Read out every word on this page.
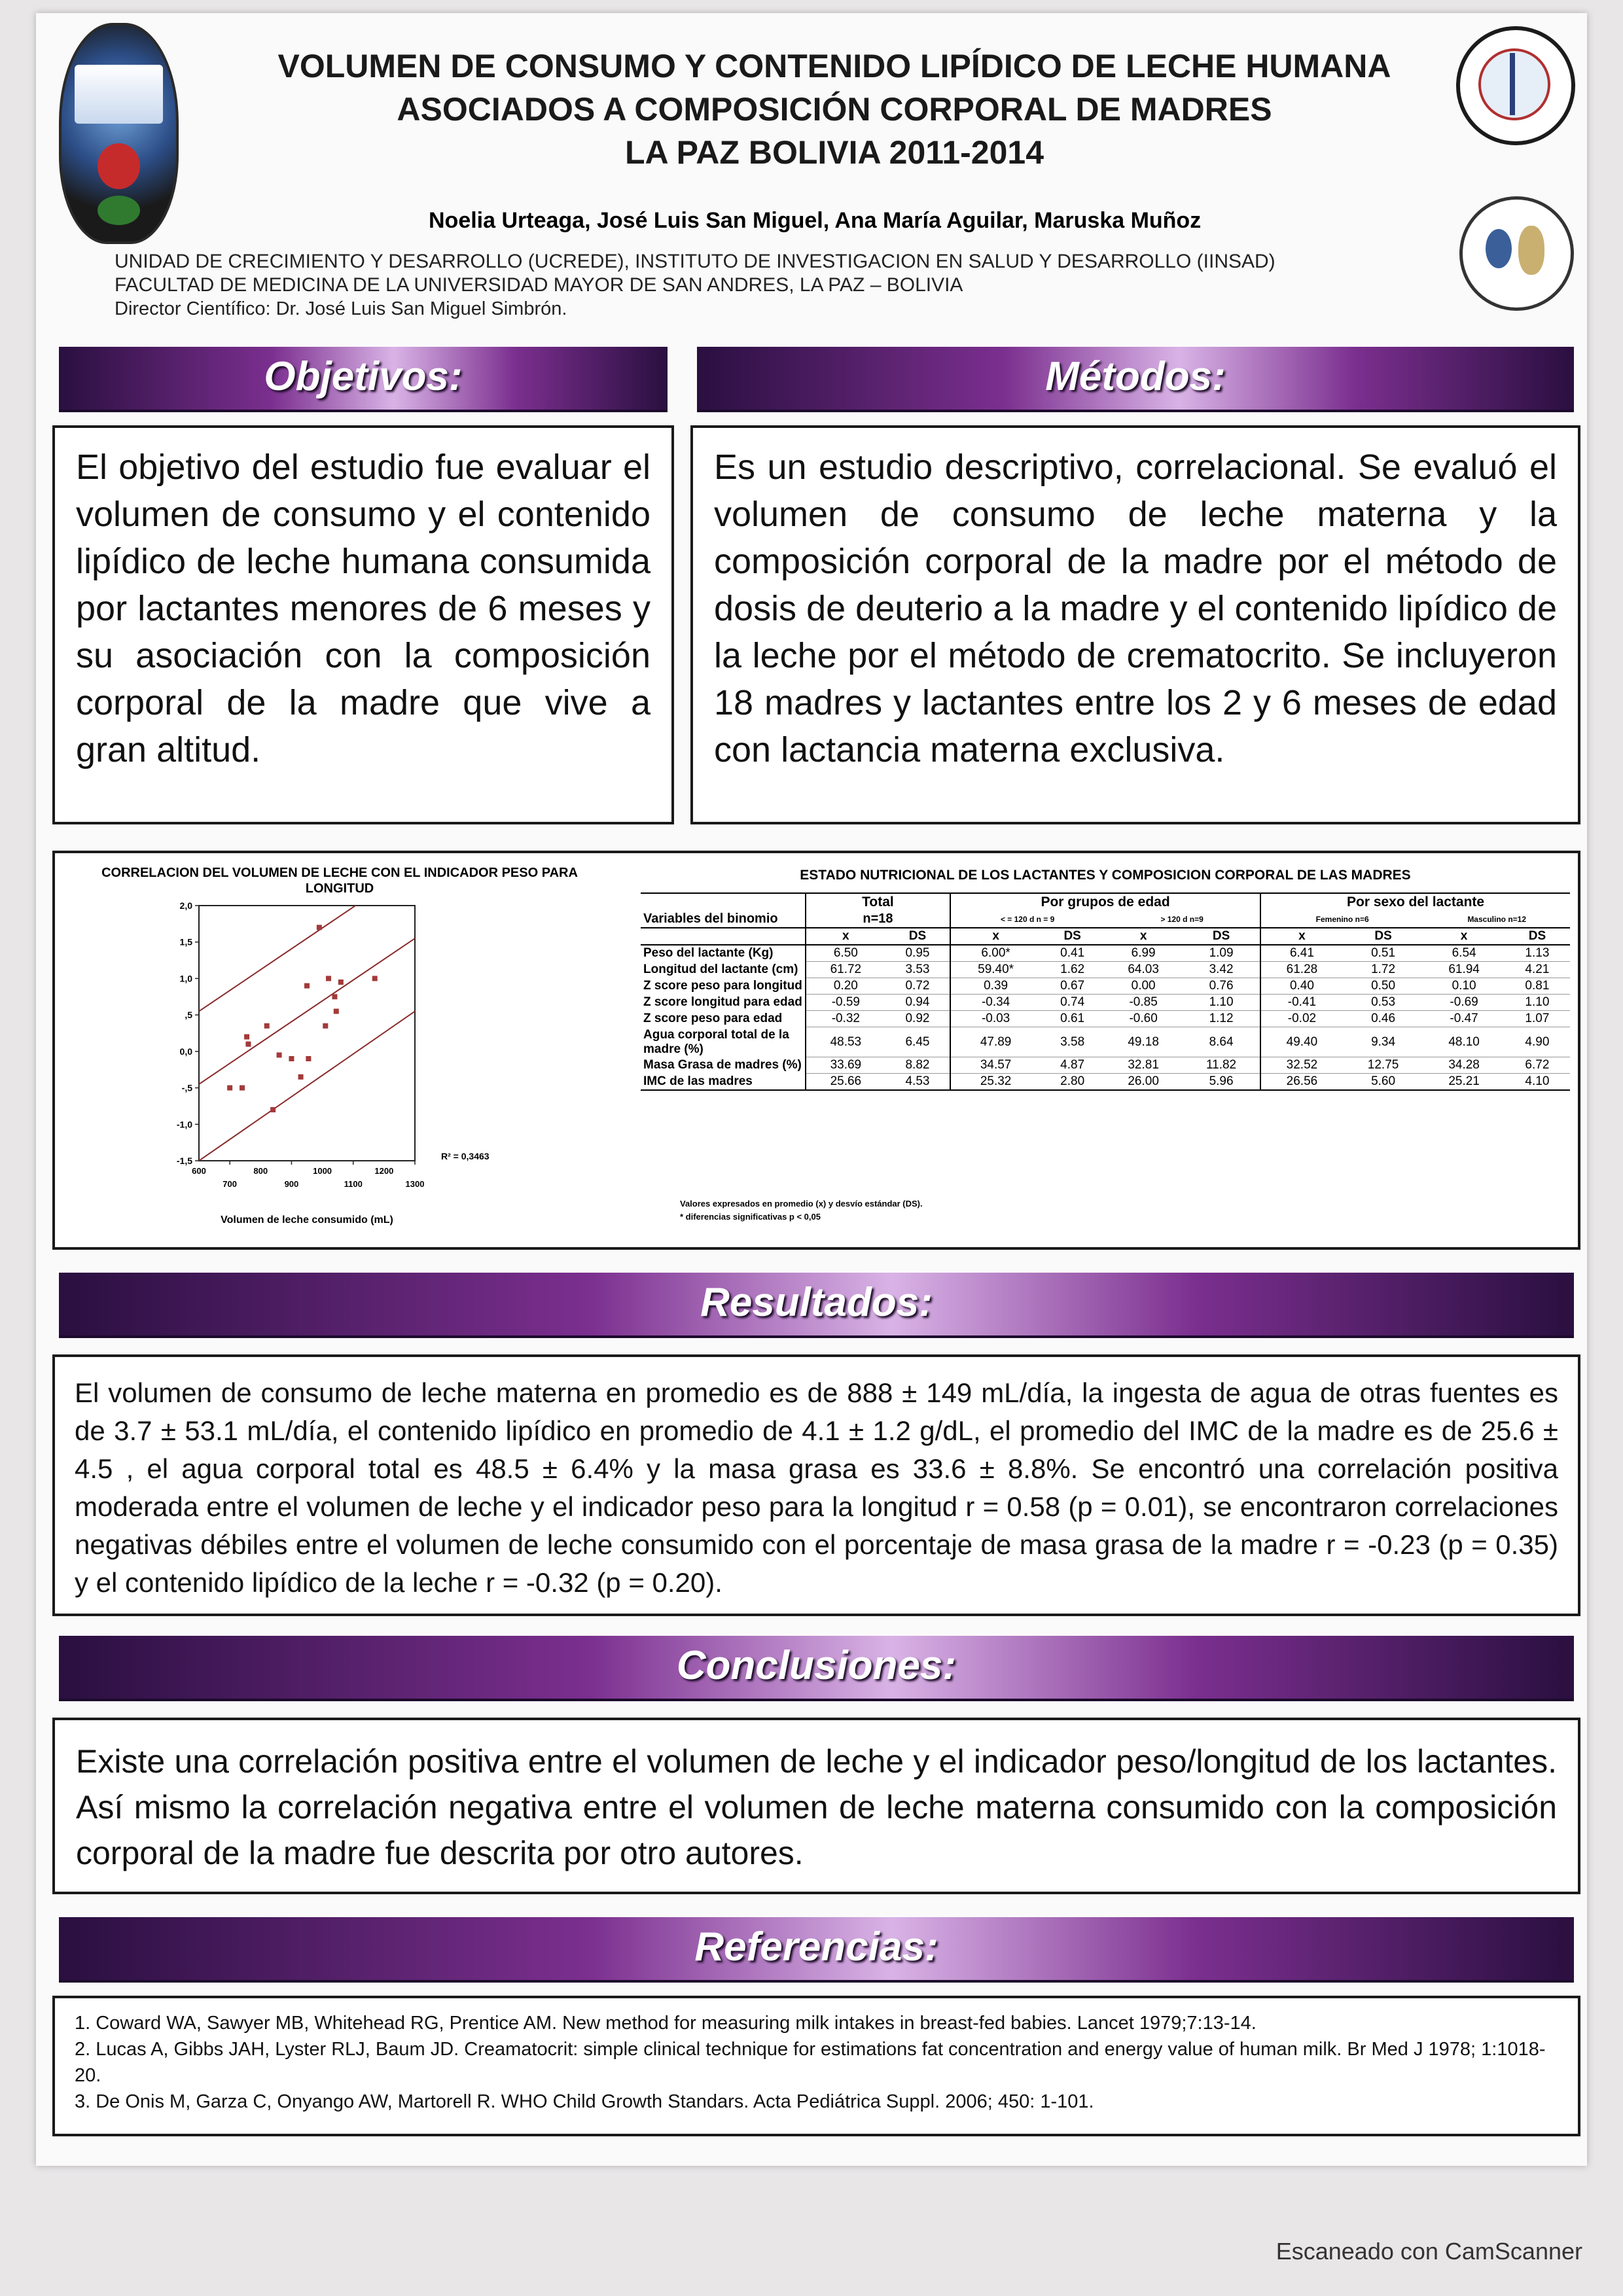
VOLUMEN DE CONSUMO Y CONTENIDO LIPÍDICO DE LECHE HUMANA
ASOCIADOS A COMPOSICIÓN CORPORAL DE MADRES
LA PAZ BOLIVIA 2011-2014
Noelia Urteaga, José Luis San Miguel, Ana María Aguilar, Maruska Muñoz
UNIDAD DE CRECIMIENTO Y DESARROLLO (UCREDE), INSTITUTO DE INVESTIGACION EN SALUD Y DESARROLLO (IINSAD)
FACULTAD DE MEDICINA DE LA UNIVERSIDAD MAYOR DE SAN ANDRES, LA PAZ – BOLIVIA
Director Científico: Dr. José Luis San Miguel Simbrón.
Objetivos:
El objetivo del estudio fue evaluar el volumen de consumo y el contenido lipídico de leche humana consumida por lactantes menores de 6 meses y su asociación con la composición corporal de la madre que vive a gran altitud.
Métodos:
Es un estudio descriptivo, correlacional. Se evaluó el volumen de consumo de leche materna y la composición corporal de la madre por el método de dosis de deuterio a la madre y el contenido lipídico de la leche por el método de crematocrito. Se incluyeron 18 madres y lactantes entre los 2 y 6 meses de edad con lactancia materna exclusiva.
CORRELACION DEL VOLUMEN DE LECHE CON EL INDICADOR PESO PARA LONGITUD
2,0
1,5
1,0
,5
0,0
-,5
-1,0
-1,5
600	800	1000	1200
700	900	1100	1300
R² = 0,3463
Volumen de leche consumido (mL)
ESTADO NUTRICIONAL DE LOS LACTANTES Y COMPOSICION CORPORAL DE LAS MADRES
Variables del binomio	Total		Por grupos de edad				Por sexo del lactante			
	n=18		< = 120 d n = 9		> 120 d n=9		Femenino n=6		Masculino n=12	
	x	DS	x	DS	x	DS	x	DS	x	DS
Peso del lactante (Kg)	6.50	0.95	6.00*	0.41	6.99	1.09	6.41	0.51	6.54	1.13
Longitud del lactante (cm)	61.72	3.53	59.40*	1.62	64.03	3.42	61.28	1.72	61.94	4.21
Z score peso para longitud	0.20	0.72	0.39	0.67	0.00	0.76	0.40	0.50	0.10	0.81
Z score longitud para edad	-0.59	0.94	-0.34	0.74	-0.85	1.10	-0.41	0.53	-0.69	1.10
Z score peso para edad	-0.32	0.92	-0.03	0.61	-0.60	1.12	-0.02	0.46	-0.47	1.07
Agua corporal total de la madre (%)	48.53	6.45	47.89	3.58	49.18	8.64	49.40	9.34	48.10	4.90
Masa Grasa de madres (%)	33.69	8.82	34.57	4.87	32.81	11.82	32.52	12.75	34.28	6.72
IMC de las madres	25.66	4.53	25.32	2.80	26.00	5.96	26.56	5.60	25.21	4.10
Valores expresados en promedio (x) y desvío estándar (DS).
* diferencias significativas p < 0,05
Resultados:
El volumen de consumo de leche materna en promedio es de 888 ± 149 mL/día, la ingesta de agua de otras fuentes es de 3.7 ± 53.1 mL/día, el contenido lipídico en promedio de 4.1 ± 1.2 g/dL, el promedio del IMC de la madre es de 25.6 ± 4.5 , el agua corporal total es 48.5 ± 6.4% y la masa grasa es 33.6 ± 8.8%. Se encontró una correlación positiva moderada entre el volumen de leche y el indicador peso para la longitud r = 0.58 (p = 0.01), se encontraron correlaciones negativas débiles entre el volumen de leche consumido con el porcentaje de masa grasa de la madre r = -0.23 (p = 0.35) y el contenido lipídico de la leche r = -0.32 (p = 0.20).
Conclusiones:
Existe una correlación positiva entre el volumen de leche y el indicador peso/longitud de los lactantes. Así mismo la correlación negativa entre el volumen de leche materna consumido con la composición corporal de la madre fue descrita por otro autores.
Referencias:
1. Coward WA, Sawyer MB, Whitehead RG, Prentice AM. New method for measuring milk intakes in breast-fed babies. Lancet 1979;7:13-14.
2. Lucas A, Gibbs JAH, Lyster RLJ, Baum JD. Creamatocrit: simple clinical technique for estimations fat concentration and energy value of human milk. Br Med J 1978; 1:1018-20.
3. De Onis M, Garza C, Onyango AW, Martorell R. WHO Child Growth Standars. Acta Pediátrica Suppl. 2006; 450: 1-101.
Escaneado con CamScanner
